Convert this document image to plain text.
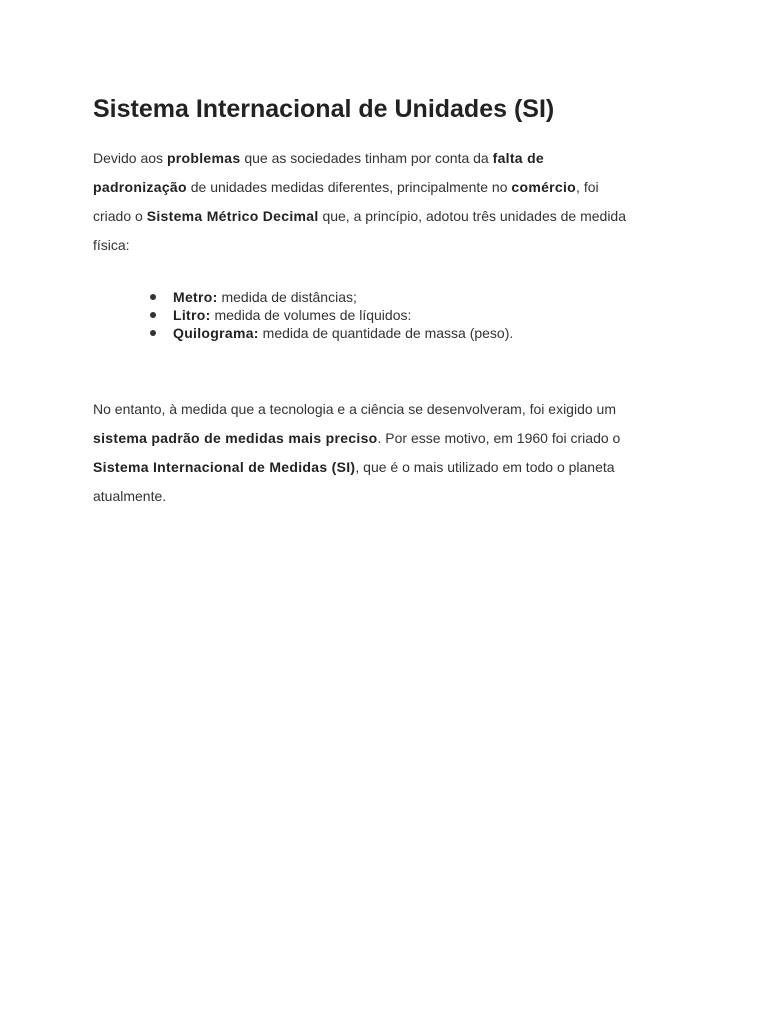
Sistema Internacional de Unidades (SI)
Devido aos problemas que as sociedades tinham por conta da falta de
padronização de unidades medidas diferentes, principalmente no comércio, foi
criado o Sistema Métrico Decimal que, a princípio, adotou três unidades de medida
física:
Metro: medida de distâncias;
Litro: medida de volumes de líquidos:
Quilograma: medida de quantidade de massa (peso).
No entanto, à medida que a tecnologia e a ciência se desenvolveram, foi exigido um
sistema padrão de medidas mais preciso. Por esse motivo, em 1960 foi criado o
Sistema Internacional de Medidas (SI), que é o mais utilizado em todo o planeta
atualmente.
